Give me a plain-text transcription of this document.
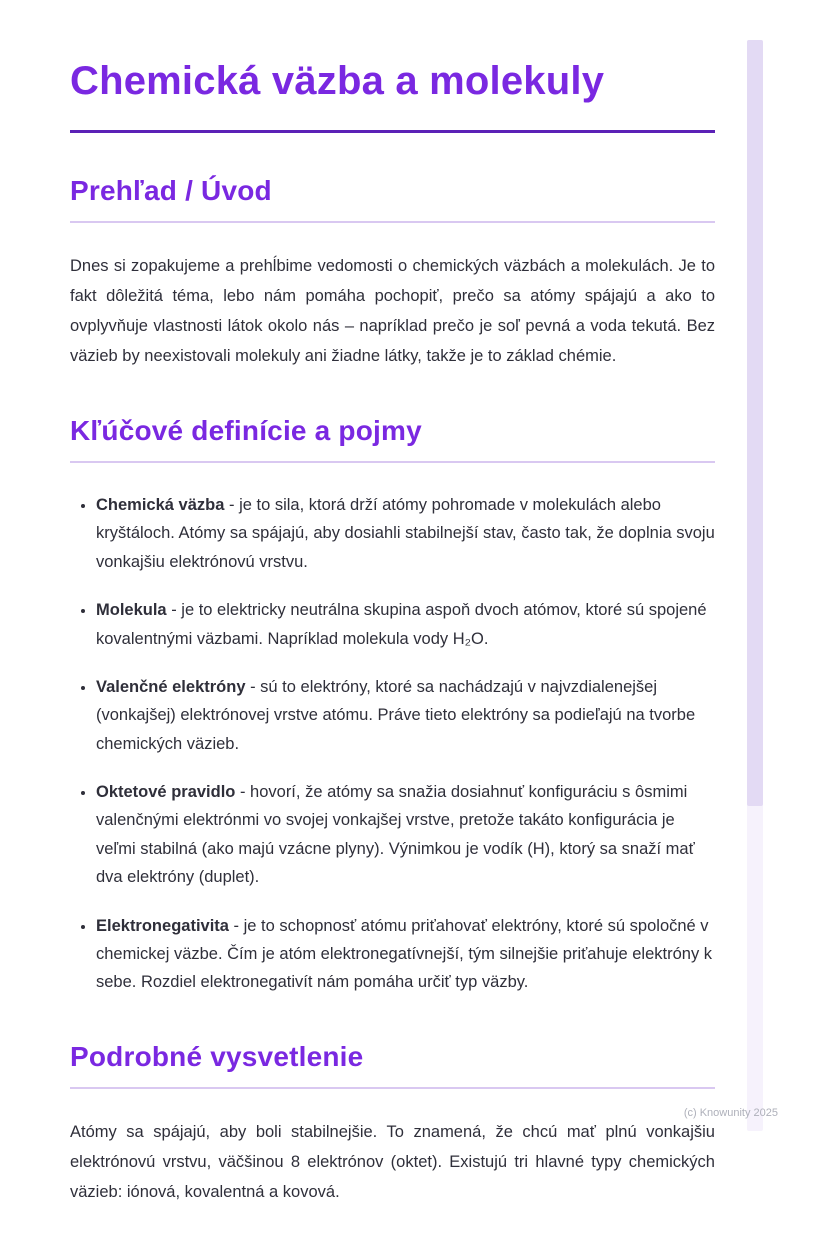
Chemická väzba a molekuly
Prehľad / Úvod

Dnes si zopakujeme a prehĺbime vedomosti o chemických väzbách a molekulách. Je to fakt dôležitá téma, lebo nám pomáha pochopiť, prečo sa atómy spájajú a ako to ovplyvňuje vlastnosti látok okolo nás – napríklad prečo je soľ pevná a voda tekutá. Bez väzieb by neexistovali molekuly ani žiadne látky, takže je to základ chémie.

Kľúčové definície a pojmy
• Chemická väzba - je to sila, ktorá drží atómy pohromade v molekulách alebo kryštáloch. Atómy sa spájajú, aby dosiahli stabilnejší stav, často tak, že doplnia svoju vonkajšiu elektrónovú vrstvu.
• Molekula - je to elektricky neutrálna skupina aspoň dvoch atómov, ktoré sú spojené kovalentnými väzbami. Napríklad molekula vody H₂O.
• Valenčné elektróny - sú to elektróny, ktoré sa nachádzajú v najvzdialenejšej (vonkajšej) elektrónovej vrstve atómu. Práve tieto elektróny sa podieľajú na tvorbe chemických väzieb.
• Oktetové pravidlo - hovorí, že atómy sa snažia dosiahnuť konfiguráciu s ôsmimi valenčnými elektrónmi vo svojej vonkajšej vrstve, pretože takáto konfigurácia je veľmi stabilná (ako majú vzácne plyny). Výnimkou je vodík (H), ktorý sa snaží mať dva elektróny (duplet).
• Elektronegativita - je to schopnosť atómu priťahovať elektróny, ktoré sú spoločné v chemickej väzbe. Čím je atóm elektronegatívnejší, tým silnejšie priťahuje elektróny k sebe. Rozdiel elektronegativít nám pomáha určiť typ väzby.
Podrobné vysvetlenie

Atómy sa spájajú, aby boli stabilnejšie. To znamená, že chcú mať plnú vonkajšiu elektrónovú vrstvu, väčšinou 8 elektrónov (oktet). Existujú tri hlavné typy chemických väzieb: iónová, kovalentná a kovová.

(c) Knowunity 2025
